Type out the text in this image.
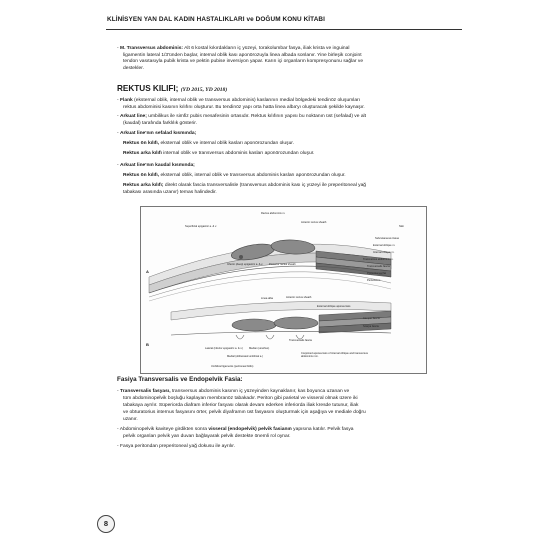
KLİNİSYEN YAN DAL KADIN HASTALIKLARI ve DOĞUM KONU KİTABI
- M. Transversus abdominis: Alt 6 kostal kıkırdakların iç yüzeyi, torakolumbar fasya, iliak krista ve inguinal
ligamentin lateral 1/3'ünden başlar, internal oblik kası aponörozuyla linea albada sonlanır. Yine birleşik conjoint
tendon vasıtasıyla pubik krista ve pektin pubise inversiyon yapar. Karın içi organların kompresyonunu sağlar ve
destekler.
REKTUS KILIFI; (YD 2015, YD 2018)
- Flank (eksternal oblik, internal oblik ve transversus abdominis) kaslarının medial bölgedeki tendinöz oluşumları
rektus abdominisi kasının kılıfını oluşturur. Bu tendinöz yapı orta hatta linea alba'yı oluşturacak şekilde kaynaşır.
- Arkuat line; umbilikus ile simfiz pubis mesafesinin ortasıdır. Rektus kılıfının yapısı bu noktanın üst (sefalad) ve alt
(kaudal) tarafında farklılık gösterir.
- Arkuat line'nın sefalad kısmında;
Rektus ön kılıfı, eksternal oblik ve internal oblik kasları aponörozundan oluşur.
Rektus arka kılıfı internal oblik ve transversus abdominis kasları aponörozundan oluşur.
- Arkuat line'nın kaudal kısmında;
Rektus ön kılıfı, eksternal oblik, internal oblik ve transversus abdominis kasları aponörozundan oluşur.
Rektus arka kılıfı; direkt olarak fascia transversalisle (transversus abdominis kası iç yüzeyi ile preperitoneal yağ
tabakası arasında uzanır) temas halindedir.
Rectus abdominis m.
Anterior rectus sheath
Superficial epigastric a. & v.	Skin
Subcutaneous tissue
External oblique m.
Internal oblique m.
Transversus abdominis m.
Inferior (deep) epigastric a. & v. Posterior rectus sheath
Transversalis fascia
Preperitoneal fat
Peritoneum
A
Linea alba	Anterior rectus sheath
External oblique aponeurosis
Camper fascia
Scarpa fascia
Transversalis fascia
Lateral (inferior epigastric a. & v.)
Medial (obliterated umbilical a.)
Median (urachus)
Conjoined aponeurosis of internal oblique and transversus abdominis mm.
Umbilical ligaments (peritoneal folds)
B
Fasiya Transversalis ve Endopelvik Fasia:
- Transversalis fasyası, transversus abdominis kasının iç yüzeyinden kaynaklanır, kas boyunca uzanan ve
tüm abdominopelvik boşluğu kaplayan membranöz tabakadır. Periton gibi parietal ve visseral olmak üzere iki
tabakaya ayrılır. Süperiorda diafram inferior fasyası olarak devam ederken inferiorda iliak kresde tutunur, iliak
ve obturatorius internus fasyasını örter, pelvik diyaframın üst fasyasını oluşturmak için aşağıya ve mediale doğru
uzanır.
- Abdominopelvik kaviteye girdikten sonra visseral (endopelvik) pelvik fasianın yapısına katılır. Pelvik fasya
pelvik organları pelvik yan duvarı bağlayarak pelvik destekte önemli rol oynar.
- Fasya peritondan preperitoneal yağ dokusu ile ayrılır.
8
